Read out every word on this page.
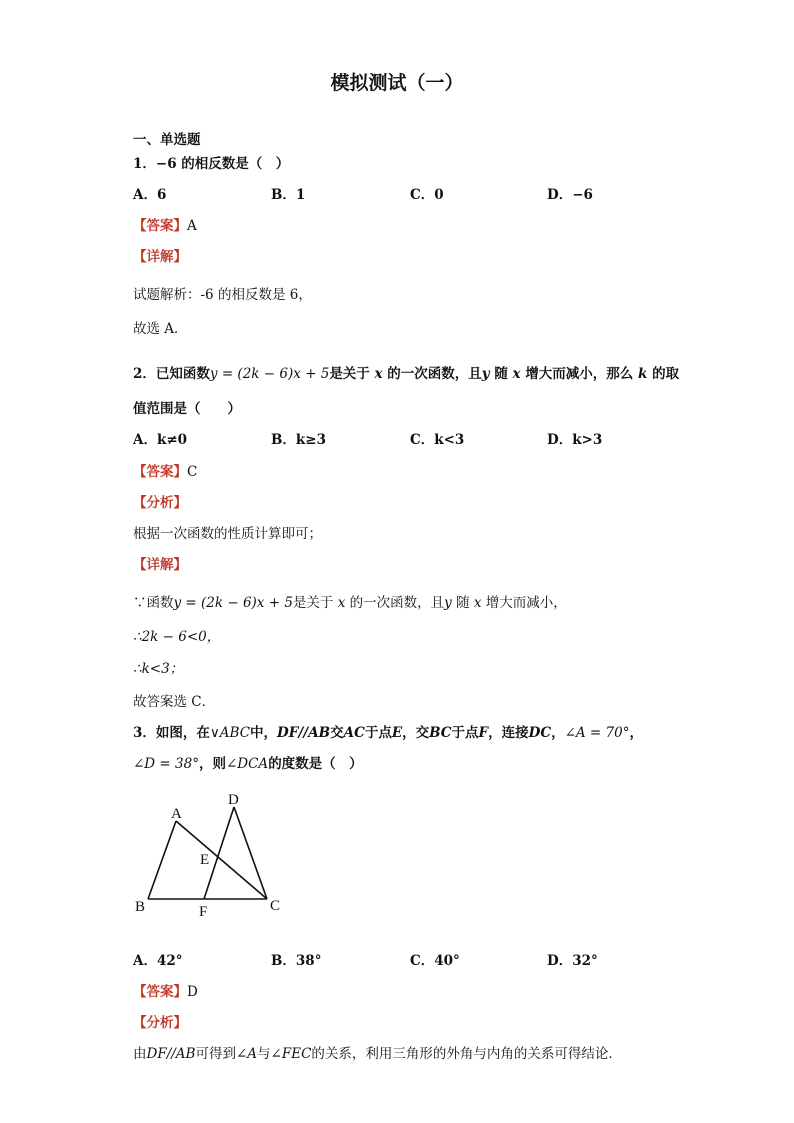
模拟测试（一）
一、单选题
1．−6 的相反数是（　）
A．6	B．1	C．0	D．−6
【答案】A
【详解】
试题解析：-6 的相反数是 6，
故选 A．
2．已知函数y = (2k − 6)x + 5是关于 x 的一次函数，且y 随 x 增大而减小，那么 k 的取
值范围是（　　）
A．k≠0	B．k≥3	C．k<3	D．k>3
【答案】C
【分析】
根据一次函数的性质计算即可；
【详解】
∵函数y = (2k − 6)x + 5是关于 x 的一次函数，且y 随 x 增大而减小，
∴2k − 6<0，
∴k<3；
故答案选 C．
3．如图，在∨ABC中，DF//AB交AC于点E，交BC于点F，连接DC，∠A = 70°，
∠D = 38°，则∠DCA的度数是（　）
A
B	C
D
E
F
A．42°	B．38°	C．40°	D．32°
【答案】D
【分析】
由DF//AB可得到∠A与∠FEC的关系，利用三角形的外角与内角的关系可得结论．
